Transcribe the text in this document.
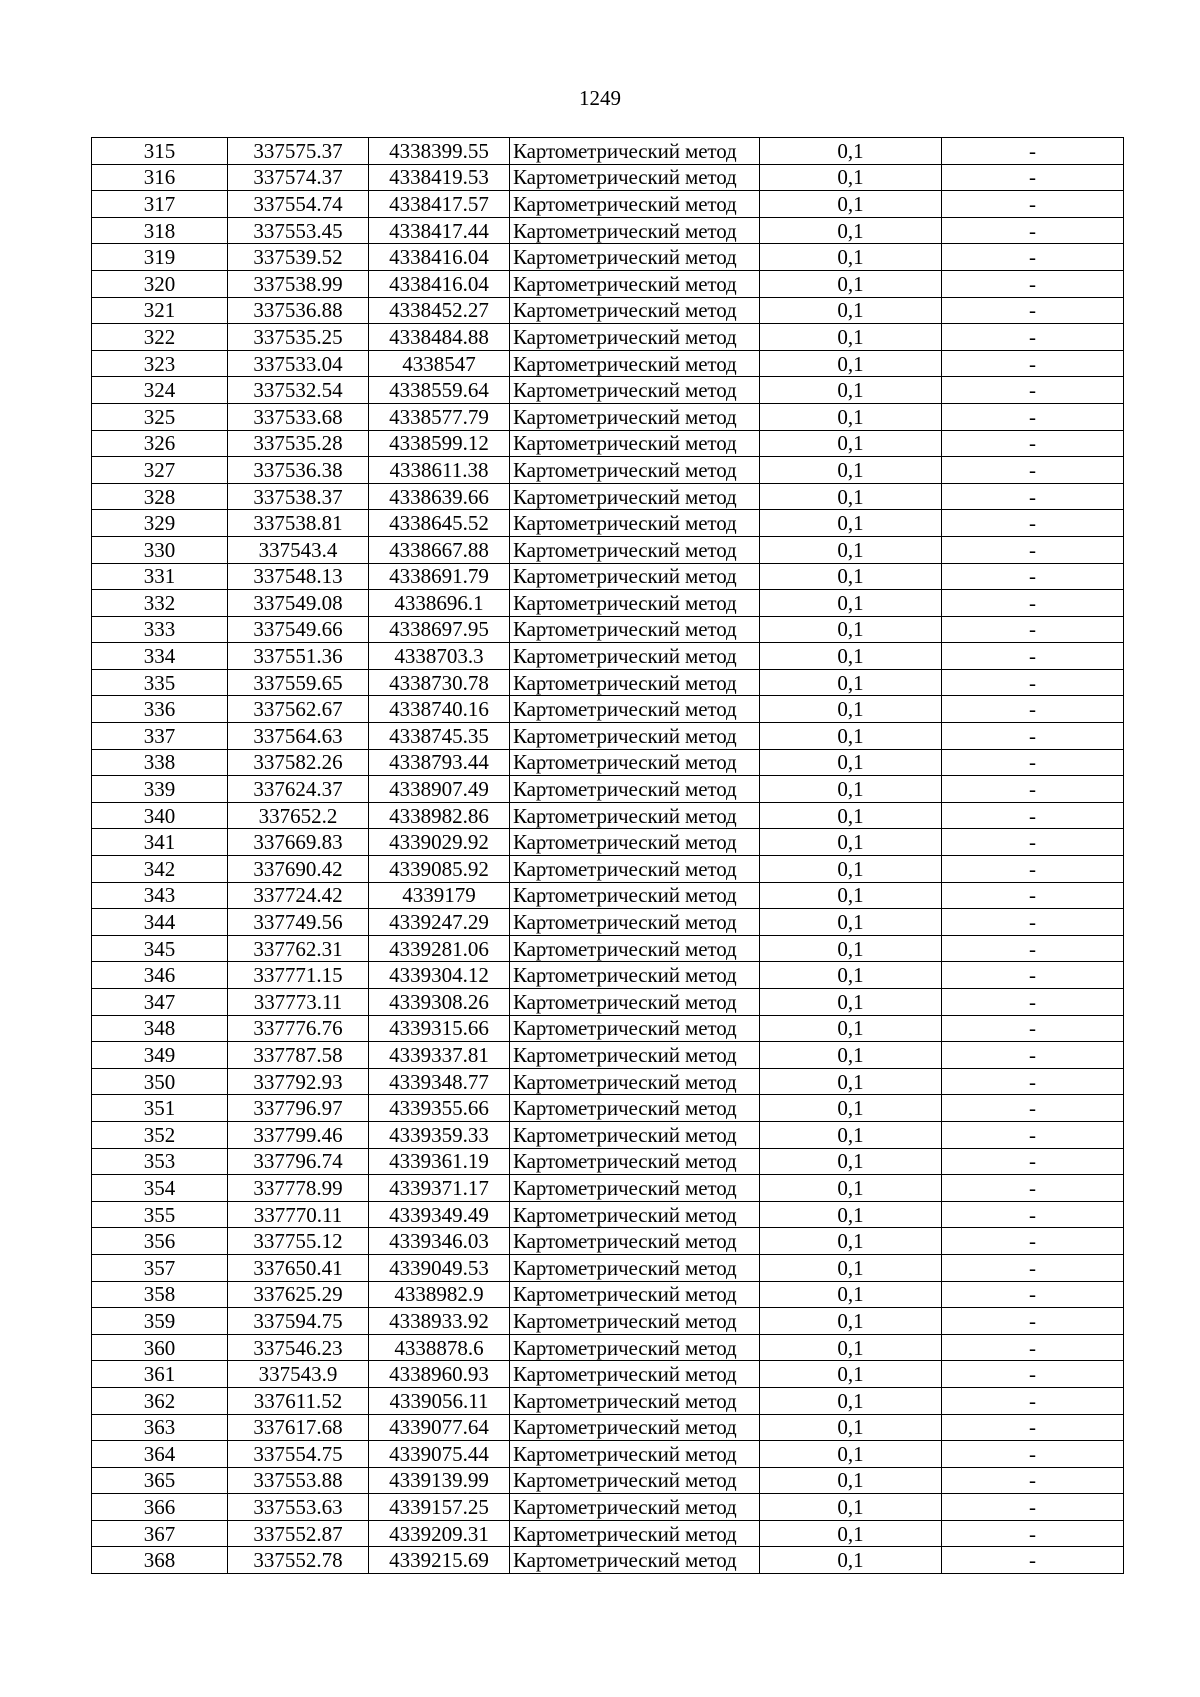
1249
315	337575.37	4338399.55	Картометрический метод	0,1	-
316	337574.37	4338419.53	Картометрический метод	0,1	-
317	337554.74	4338417.57	Картометрический метод	0,1	-
318	337553.45	4338417.44	Картометрический метод	0,1	-
319	337539.52	4338416.04	Картометрический метод	0,1	-
320	337538.99	4338416.04	Картометрический метод	0,1	-
321	337536.88	4338452.27	Картометрический метод	0,1	-
322	337535.25	4338484.88	Картометрический метод	0,1	-
323	337533.04	4338547	Картометрический метод	0,1	-
324	337532.54	4338559.64	Картометрический метод	0,1	-
325	337533.68	4338577.79	Картометрический метод	0,1	-
326	337535.28	4338599.12	Картометрический метод	0,1	-
327	337536.38	4338611.38	Картометрический метод	0,1	-
328	337538.37	4338639.66	Картометрический метод	0,1	-
329	337538.81	4338645.52	Картометрический метод	0,1	-
330	337543.4	4338667.88	Картометрический метод	0,1	-
331	337548.13	4338691.79	Картометрический метод	0,1	-
332	337549.08	4338696.1	Картометрический метод	0,1	-
333	337549.66	4338697.95	Картометрический метод	0,1	-
334	337551.36	4338703.3	Картометрический метод	0,1	-
335	337559.65	4338730.78	Картометрический метод	0,1	-
336	337562.67	4338740.16	Картометрический метод	0,1	-
337	337564.63	4338745.35	Картометрический метод	0,1	-
338	337582.26	4338793.44	Картометрический метод	0,1	-
339	337624.37	4338907.49	Картометрический метод	0,1	-
340	337652.2	4338982.86	Картометрический метод	0,1	-
341	337669.83	4339029.92	Картометрический метод	0,1	-
342	337690.42	4339085.92	Картометрический метод	0,1	-
343	337724.42	4339179	Картометрический метод	0,1	-
344	337749.56	4339247.29	Картометрический метод	0,1	-
345	337762.31	4339281.06	Картометрический метод	0,1	-
346	337771.15	4339304.12	Картометрический метод	0,1	-
347	337773.11	4339308.26	Картометрический метод	0,1	-
348	337776.76	4339315.66	Картометрический метод	0,1	-
349	337787.58	4339337.81	Картометрический метод	0,1	-
350	337792.93	4339348.77	Картометрический метод	0,1	-
351	337796.97	4339355.66	Картометрический метод	0,1	-
352	337799.46	4339359.33	Картометрический метод	0,1	-
353	337796.74	4339361.19	Картометрический метод	0,1	-
354	337778.99	4339371.17	Картометрический метод	0,1	-
355	337770.11	4339349.49	Картометрический метод	0,1	-
356	337755.12	4339346.03	Картометрический метод	0,1	-
357	337650.41	4339049.53	Картометрический метод	0,1	-
358	337625.29	4338982.9	Картометрический метод	0,1	-
359	337594.75	4338933.92	Картометрический метод	0,1	-
360	337546.23	4338878.6	Картометрический метод	0,1	-
361	337543.9	4338960.93	Картометрический метод	0,1	-
362	337611.52	4339056.11	Картометрический метод	0,1	-
363	337617.68	4339077.64	Картометрический метод	0,1	-
364	337554.75	4339075.44	Картометрический метод	0,1	-
365	337553.88	4339139.99	Картометрический метод	0,1	-
366	337553.63	4339157.25	Картометрический метод	0,1	-
367	337552.87	4339209.31	Картометрический метод	0,1	-
368	337552.78	4339215.69	Картометрический метод	0,1	-
